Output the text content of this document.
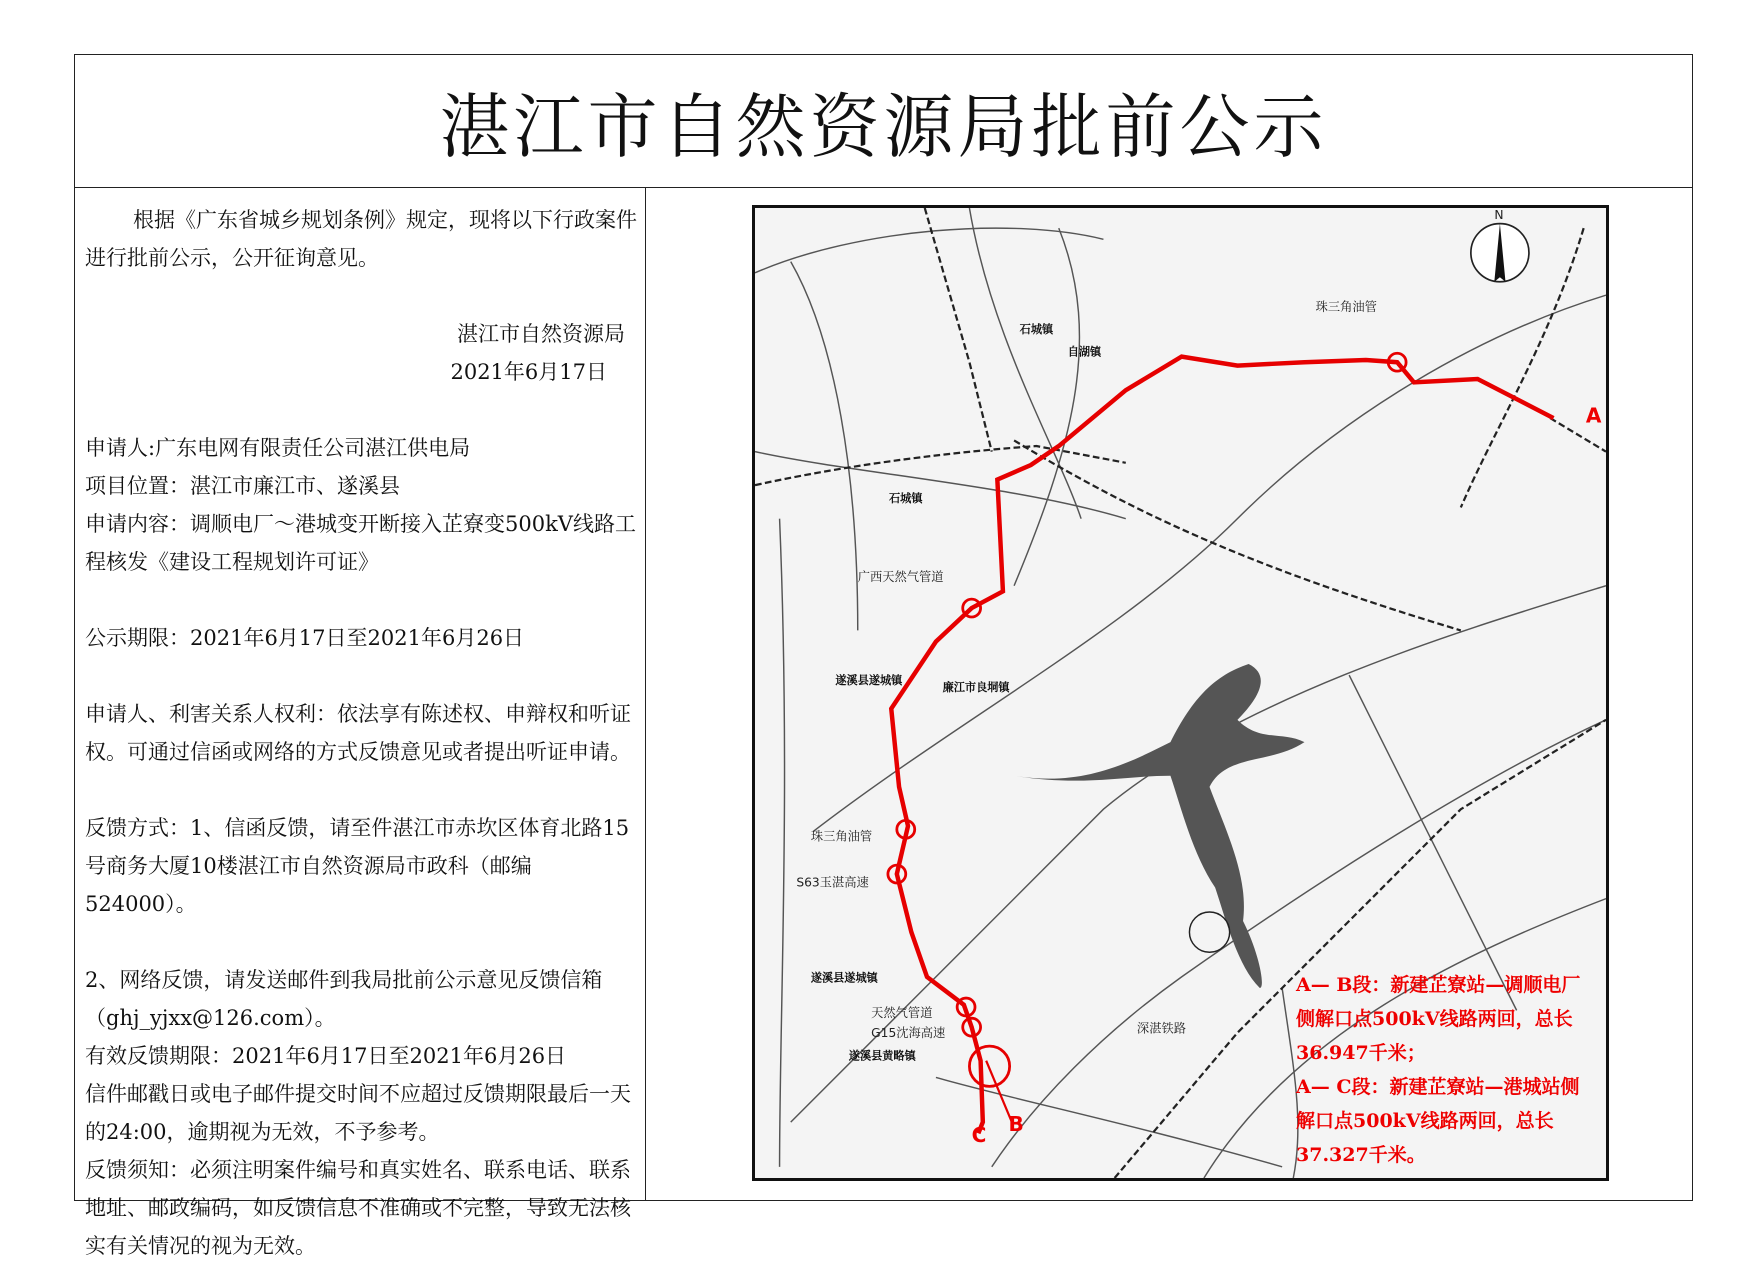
湛江市自然资源局批前公示

根据《广东省城乡规划条例》规定，现将以下行政案件进行批前公示，公开征询意见。

湛江市自然资源局

2021年6月17日

申请人:广东电网有限责任公司湛江供电局

项目位置：湛江市廉江市、遂溪县

申请内容：调顺电厂～港城变开断接入芷寮变500kV线路工程核发《建设工程规划许可证》

公示期限：2021年6月17日至2021年6月26日

申请人、利害关系人权利：依法享有陈述权、申辩权和听证权。可通过信函或网络的方式反馈意见或者提出听证申请。

反馈方式：1、信函反馈，请至件湛江市赤坎区体育北路15号商务大厦10楼湛江市自然资源局市政科（邮编524000）。

2、网络反馈，请发送邮件到我局批前公示意见反馈信箱（ghj_yjxx@126.com）。

有效反馈期限：2021年6月17日至2021年6月26日

信件邮戳日或电子邮件提交时间不应超过反馈期限最后一天的24:00，逾期视为无效，不予参考。

反馈须知：必须注明案件编号和真实姓名、联系电话、联系地址、邮政编码，如反馈信息不准确或不完整，导致无法核实有关情况的视为无效。

N
A
B
C
珠三角油管
石城镇
自湖镇
石城镇
广西天然气管道
遂溪县遂城镇
廉江市良垌镇
珠三角油管
S63玉湛高速
遂溪县遂城镇
天然气管道
G15沈海高速
遂溪县黄略镇
深湛铁路
A— B段：新建芷寮站—调顺电厂侧解口点500kV线路两回，总长36.947千米；
A— C段：新建芷寮站—港城站侧解口点500kV线路两回，总长37.327千米。
